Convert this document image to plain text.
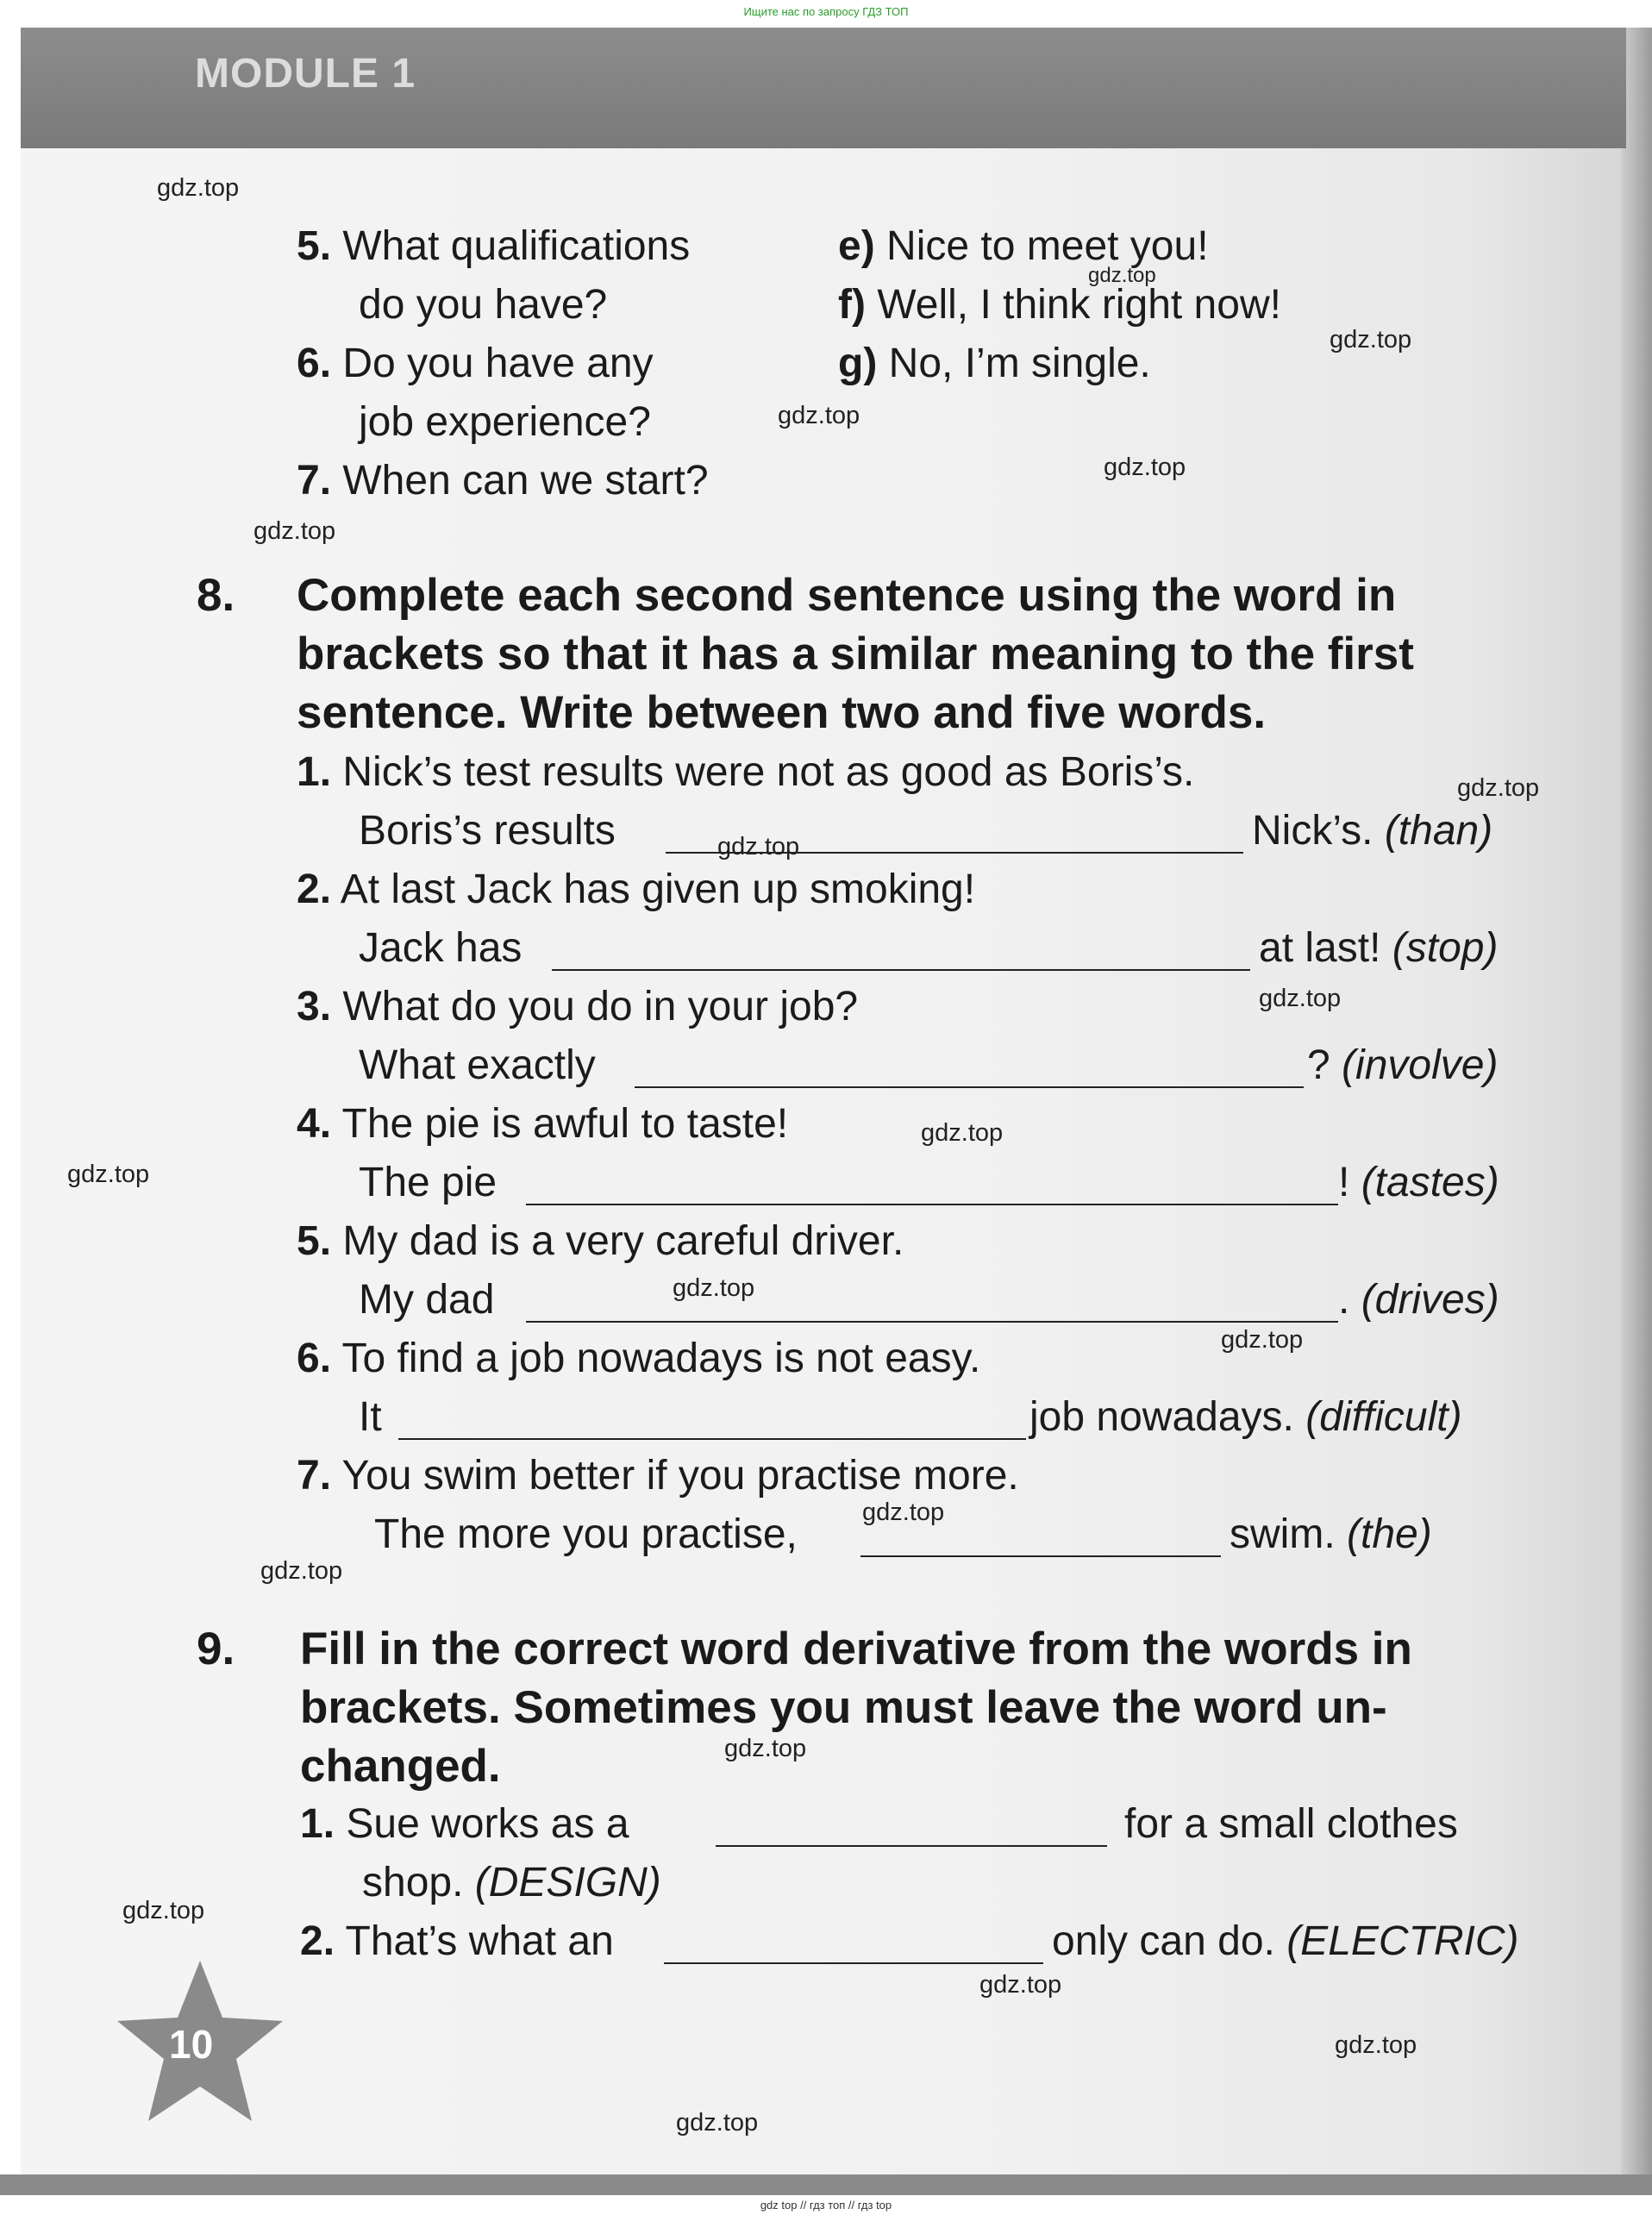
Ищите нас по запросу ГДЗ ТОП
MODULE 1
5. What qualifications
do you have?
6. Do you have any
job experience?
7. When can we start?
e) Nice to meet you!
f) Well, I think right now!
g) No, I’m single.
8. Complete each second sentence using the word in
brackets so that it has a similar meaning to the first
sentence. Write between two and five words.
1. Nick’s test results were not as good as Boris’s.
Boris’s results	Nick’s. (than)
2. At last Jack has given up smoking!
Jack has	at last! (stop)
3. What do you do in your job?
What exactly	? (involve)
4. The pie is awful to taste!
The pie	! (tastes)
5. My dad is a very careful driver.
My dad	. (drives)
6. To find a job nowadays is not easy.
It	job nowadays. (difficult)
7. You swim better if you practise more.
The more you practise,	swim. (the)
9. Fill in the correct word derivative from the words in
brackets. Sometimes you must leave the word un-
changed.
1. Sue works as a	for a small clothes
shop. (DESIGN)
2. That’s what an	only can do. (ELECTRIC)
10
gdz.top
gdz.top
gdz.top
gdz.top
gdz.top
gdz.top
gdz.top
gdz.top
gdz.top
gdz.top
gdz.top
gdz.top
gdz.top
gdz.top
gdz.top
gdz.top
gdz.top
gdz.top
gdz.top
gdz.top
gdz top // гдз топ // гдз top
